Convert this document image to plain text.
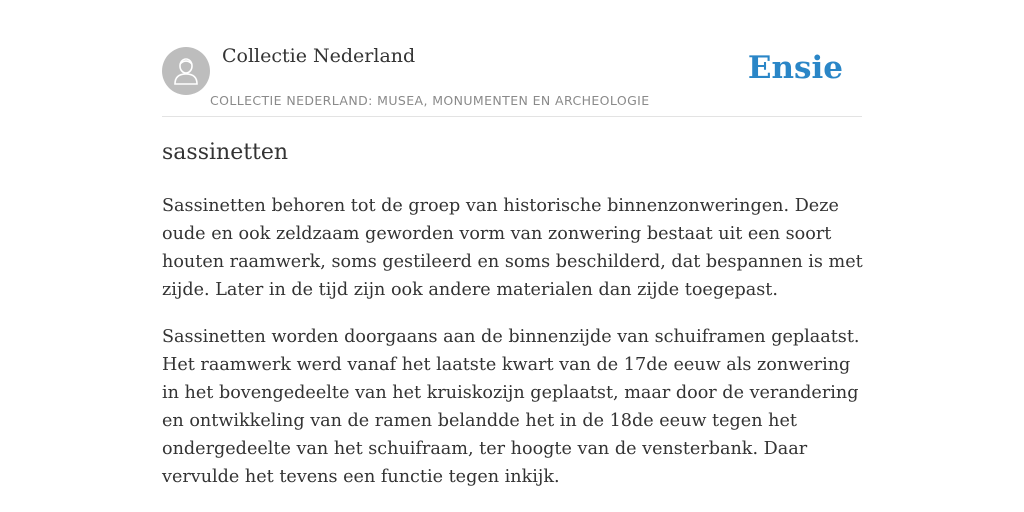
Collectie Nederland
COLLECTIE NEDERLAND: MUSEA, MONUMENTEN EN ARCHEOLOGIE
Ensie
sassinetten

Sassinetten behoren tot de groep van historische binnenzonweringen. Deze oude en ook zeldzaam geworden vorm van zonwering bestaat uit een soort houten raamwerk, soms gestileerd en soms beschilderd, dat bespannen is met zijde. Later in de tijd zijn ook andere materialen dan zijde toegepast.

Sassinetten worden doorgaans aan de binnenzijde van schuiframen geplaatst. Het raamwerk werd vanaf het laatste kwart van de 17de eeuw als zonwering in het bovengedeelte van het kruiskozijn geplaatst, maar door de verandering en ontwikkeling van de ramen belandde het in de 18de eeuw tegen het ondergedeelte van het schuifraam, ter hoogte van de vensterbank. Daar vervulde het tevens een functie tegen inkijk.
